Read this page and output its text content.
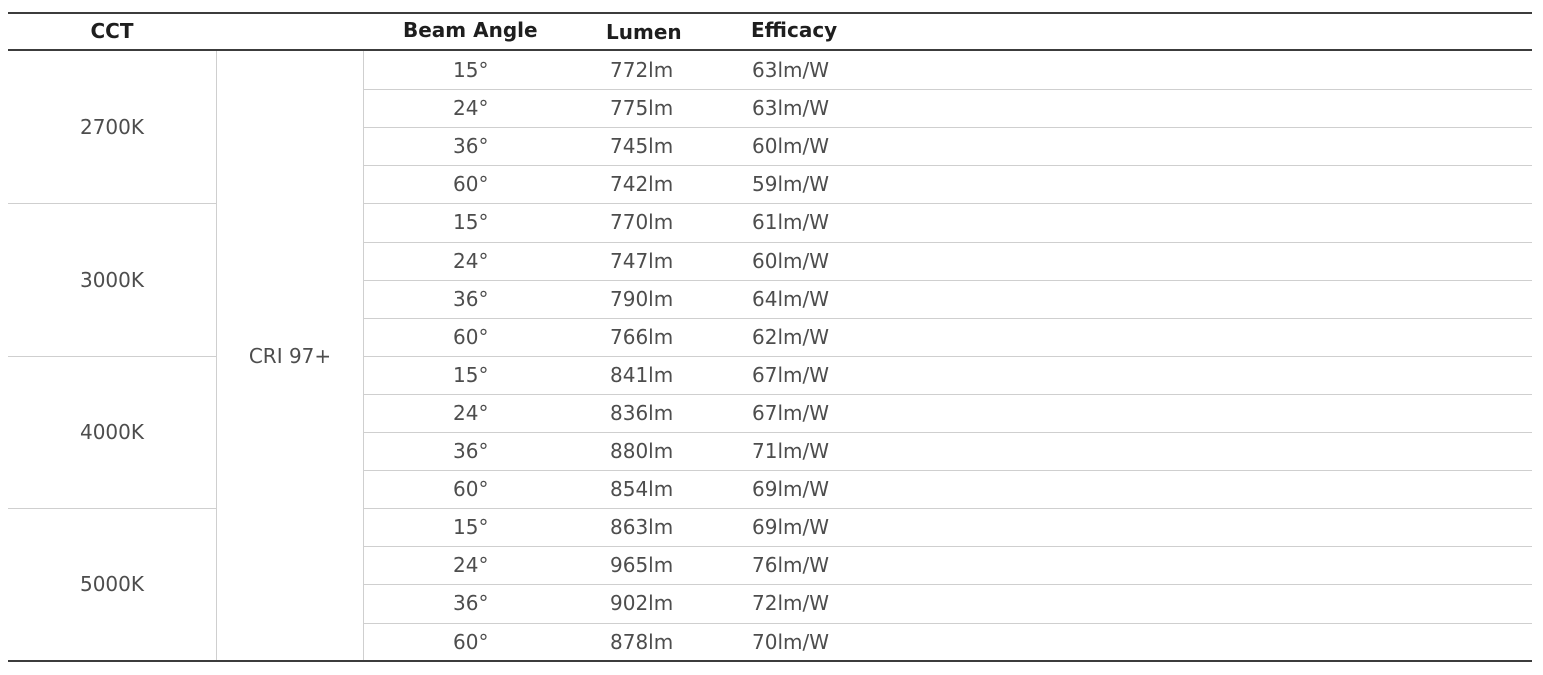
CCT	Beam Angle	Lumen	Efficacy
CRI 97+
2700K
15°	772lm	63lm/W
24°	775lm	63lm/W
36°	745lm	60lm/W
60°	742lm	59lm/W
3000K
15°	770lm	61lm/W
24°	747lm	60lm/W
36°	790lm	64lm/W
60°	766lm	62lm/W
4000K
15°	841lm	67lm/W
24°	836lm	67lm/W
36°	880lm	71lm/W
60°	854lm	69lm/W
5000K
15°	863lm	69lm/W
24°	965lm	76lm/W
36°	902lm	72lm/W
60°	878lm	70lm/W
